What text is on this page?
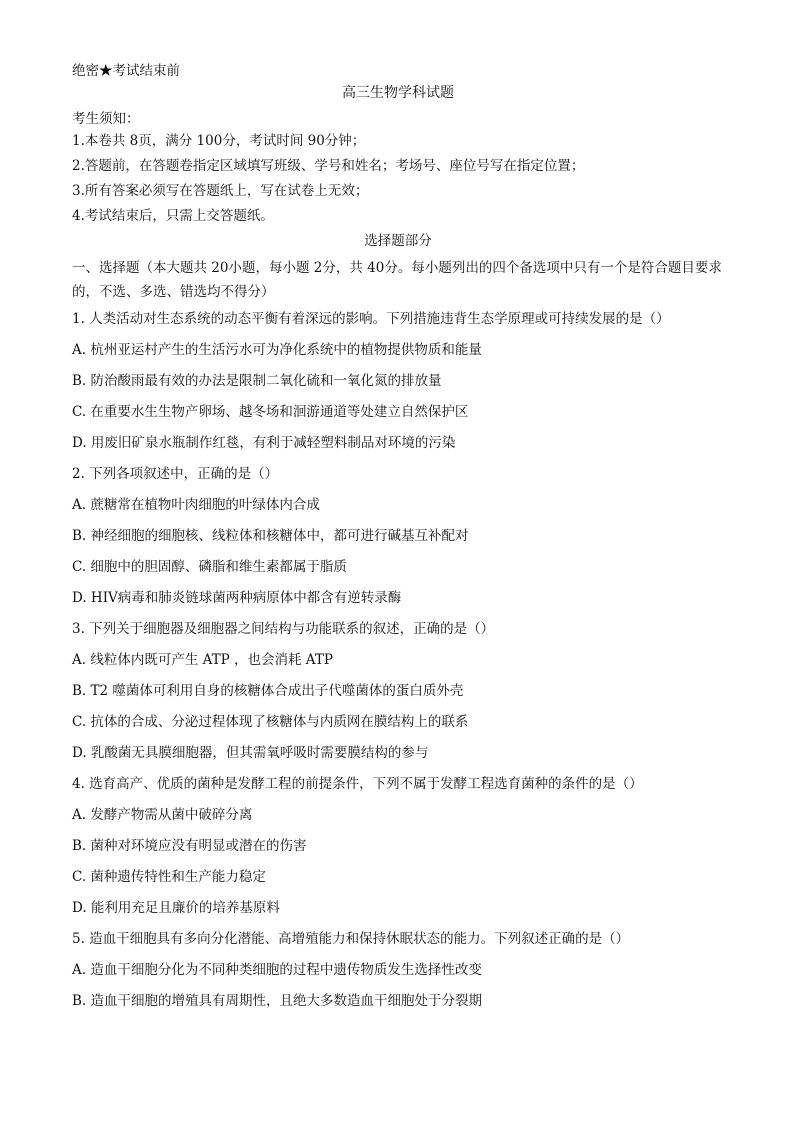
绝密★考试结束前
高三生物学科试题
考生须知：
1.本卷共 8页，满分 100分，考试时间 90分钟；
2.答题前，在答题卷指定区域填写班级、学号和姓名；考场号、座位号写在指定位置；
3.所有答案必须写在答题纸上，写在试卷上无效；
4.考试结束后，只需上交答题纸。
选择题部分
一、选择题（本大题共 20小题，每小题 2分，共 40分。每小题列出的四个备选项中只有一个是符合题目要求的，不选、多选、错选均不得分）
1. 人类活动对生态系统的动态平衡有着深远的影响。下列措施违背生态学原理或可持续发展的是（）
A. 杭州亚运村产生的生活污水可为净化系统中的植物提供物质和能量
B. 防治酸雨最有效的办法是限制二氧化硫和一氧化氮的排放量
C. 在重要水生生物产卵场、越冬场和洄游通道等处建立自然保护区
D. 用废旧矿泉水瓶制作红毯，有利于减轻塑料制品对环境的污染
2. 下列各项叙述中，正确的是（）
A. 蔗糖常在植物叶肉细胞的叶绿体内合成
B. 神经细胞的细胞核、线粒体和核糖体中，都可进行碱基互补配对
C. 细胞中的胆固醇、磷脂和维生素都属于脂质
D. HIV病毒和肺炎链球菌两种病原体中都含有逆转录酶
3. 下列关于细胞器及细胞器之间结构与功能联系的叙述，正确的是（）
A. 线粒体内既可产生 ATP ，也会消耗 ATP
B. T2 噬菌体可利用自身的核糖体合成出子代噬菌体的蛋白质外壳
C. 抗体的合成、分泌过程体现了核糖体与内质网在膜结构上的联系
D. 乳酸菌无具膜细胞器，但其需氧呼吸时需要膜结构的参与
4. 选育高产、优质的菌种是发酵工程的前提条件，下列不属于发酵工程选育菌种的条件的是（）
A. 发酵产物需从菌中破碎分离
B. 菌种对环境应没有明显或潜在的伤害
C. 菌种遗传特性和生产能力稳定
D. 能利用充足且廉价的培养基原料
5. 造血干细胞具有多向分化潜能、高增殖能力和保持休眠状态的能力。下列叙述正确的是（）
A. 造血干细胞分化为不同种类细胞的过程中遗传物质发生选择性改变
B. 造血干细胞的增殖具有周期性，且绝大多数造血干细胞处于分裂期
